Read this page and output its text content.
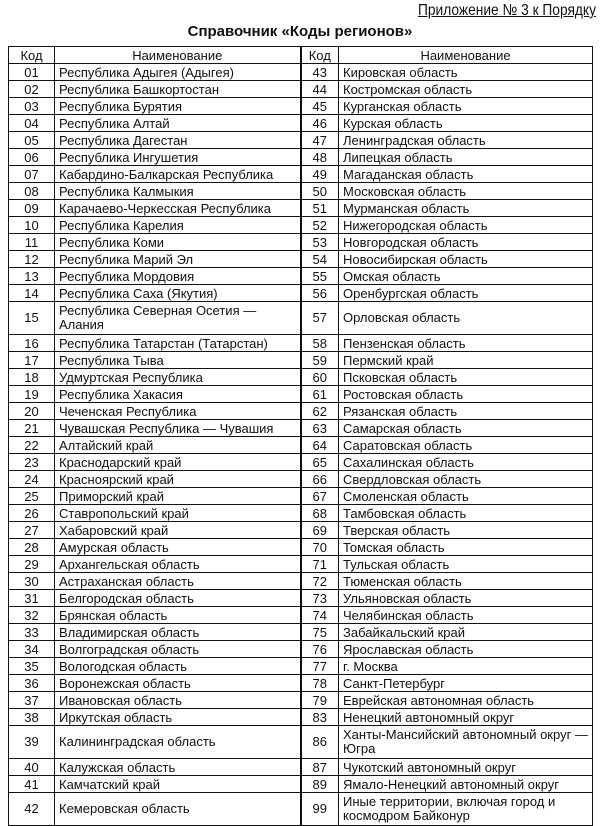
Приложение № 3 к Порядку
Справочник «Коды регионов»
Код	Наименование	Код	Наименование
01	Республика Адыгея (Адыгея)	43	Кировская область
02	Республика Башкортостан	44	Костромская область
03	Республика Бурятия	45	Курганская область
04	Республика Алтай	46	Курская область
05	Республика Дагестан	47	Ленинградская область
06	Республика Ингушетия	48	Липецкая область
07	Кабардино-Балкарская Республика	49	Магаданская область
08	Республика Калмыкия	50	Московская область
09	Карачаево-Черкесская Республика	51	Мурманская область
10	Республика Карелия	52	Нижегородская область
11	Республика Коми	53	Новгородская область
12	Республика Марий Эл	54	Новосибирская область
13	Республика Мордовия	55	Омская область
14	Республика Саха (Якутия)	56	Оренбургская область
15	Республика Северная Осетия — Алания	57	Орловская область
16	Республика Татарстан (Татарстан)	58	Пензенская область
17	Республика Тыва	59	Пермский край
18	Удмуртская Республика	60	Псковская область
19	Республика Хакасия	61	Ростовская область
20	Чеченская Республика	62	Рязанская область
21	Чувашская Республика — Чувашия	63	Самарская область
22	Алтайский край	64	Саратовская область
23	Краснодарский край	65	Сахалинская область
24	Красноярский край	66	Свердловская область
25	Приморский край	67	Смоленская область
26	Ставропольский край	68	Тамбовская область
27	Хабаровский край	69	Тверская область
28	Амурская область	70	Томская область
29	Архангельская область	71	Тульская область
30	Астраханская область	72	Тюменская область
31	Белгородская область	73	Ульяновская область
32	Брянская область	74	Челябинская область
33	Владимирская область	75	Забайкальский край
34	Волгоградская область	76	Ярославская область
35	Вологодская область	77	г. Москва
36	Воронежская область	78	Санкт-Петербург
37	Ивановская область	79	Еврейская автономная область
38	Иркутская область	83	Ненецкий автономный округ
39	Калининградская область	86	Ханты-Мансийский автономный округ — Югра
40	Калужская область	87	Чукотский автономный округ
41	Камчатский край	89	Ямало-Ненецкий автономный округ
42	Кемеровская область	99	Иные территории, включая город и космодром Байконур
